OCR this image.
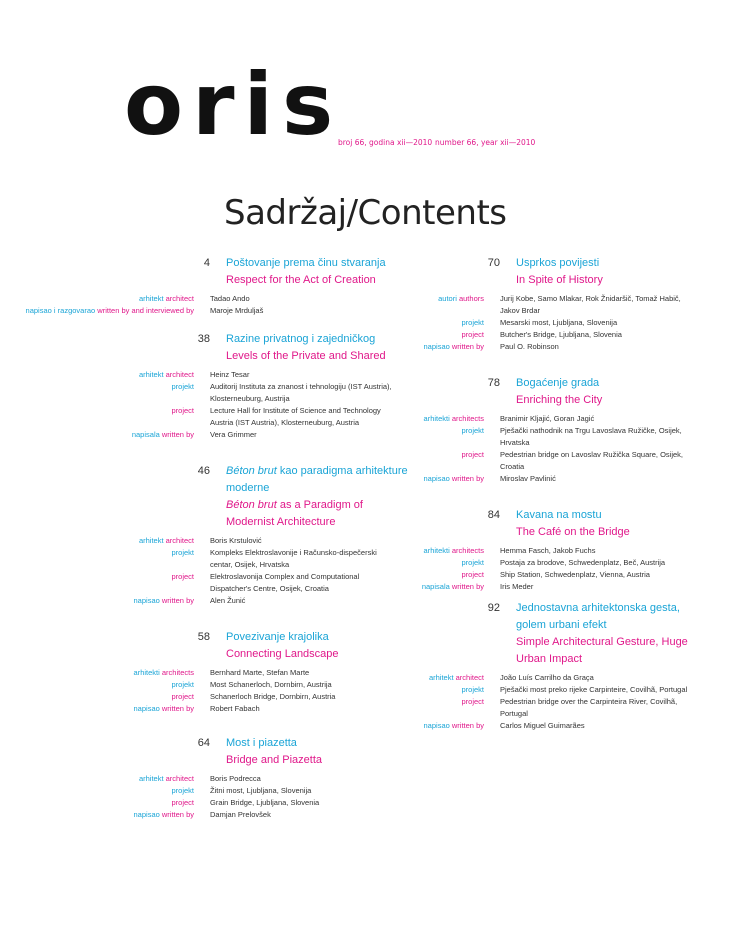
oris
broj 66, godina xii—2010 number 66, year xii—2010
Sadržaj/Contents
4	Poštovanje prema činu stvaranja
Respect for the Act of Creation
arhitekt architect	Tadao Ando
napisao i razgovarao written by and interviewed by	Maroje Mrduljaš
38	Razine privatnog i zajedničkog
Levels of the Private and Shared
arhitekt architect	Heinz Tesar
projekt	Auditorij Instituta za znanost i tehnologiju (IST Austria), Klosterneuburg, Austrija
project	Lecture Hall for Institute of Science and Technology Austria (IST Austria), Klosterneuburg, Austria
napisala written by	Vera Grimmer
46	Béton brut kao paradigma arhitekture moderne
Béton brut as a Paradigm of Modernist Architecture
arhitekt architect	Boris Krstulović
projekt	Kompleks Elektroslavonije i Računsko-dispečerski centar, Osijek, Hrvatska
project	Elektroslavonija Complex and Computational Dispatcher's Centre, Osijek, Croatia
napisao written by	Alen Žunić
58	Povezivanje krajolika
Connecting Landscape
arhitekti architects	Bernhard Marte, Stefan Marte
projekt	Most Schanerloch, Dornbirn, Austrija
project	Schanerloch Bridge, Dornbirn, Austria
napisao written by	Robert Fabach
64	Most i piazetta
Bridge and Piazetta
arhitekt architect	Boris Podrecca
projekt	Žitni most, Ljubljana, Slovenija
project	Grain Bridge, Ljubljana, Slovenia
napisao written by	Damjan Prelovšek
70	Usprkos povijesti
In Spite of History
autori authors	Jurij Kobe, Samo Mlakar, Rok Žnidaršič, Tomaž Habič, Jakov Brdar
projekt	Mesarski most, Ljubljana, Slovenija
project	Butcher's Bridge, Ljubljana, Slovenia
napisao written by	Paul O. Robinson
78	Bogaćenje grada
Enriching the City
arhitekti architects	Branimir Kljajić, Goran Jagić
projekt	Pješački nathodnik na Trgu Lavoslava Ružičke, Osijek, Hrvatska
project	Pedestrian bridge on Lavoslav Ružička Square, Osijek, Croatia
napisao written by	Miroslav Pavlinić
84	Kavana na mostu
The Café on the Bridge
arhitekti architects	Hemma Fasch, Jakob Fuchs
projekt	Postaja za brodove, Schwedenplatz, Beč, Austrija
project	Ship Station, Schwedenplatz, Vienna, Austria
napisala written by	Iris Meder
92	Jednostavna arhitektonska gesta, golem urbani efekt
Simple Architectural Gesture, Huge Urban Impact
arhitekt architect	João Luís Carrilho da Graça
projekt	Pješački most preko rijeke Carpinteire, Covilhã, Portugal
project	Pedestrian bridge over the Carpinteira River, Covilhã, Portugal
napisao written by	Carlos Miguel Guimarães
